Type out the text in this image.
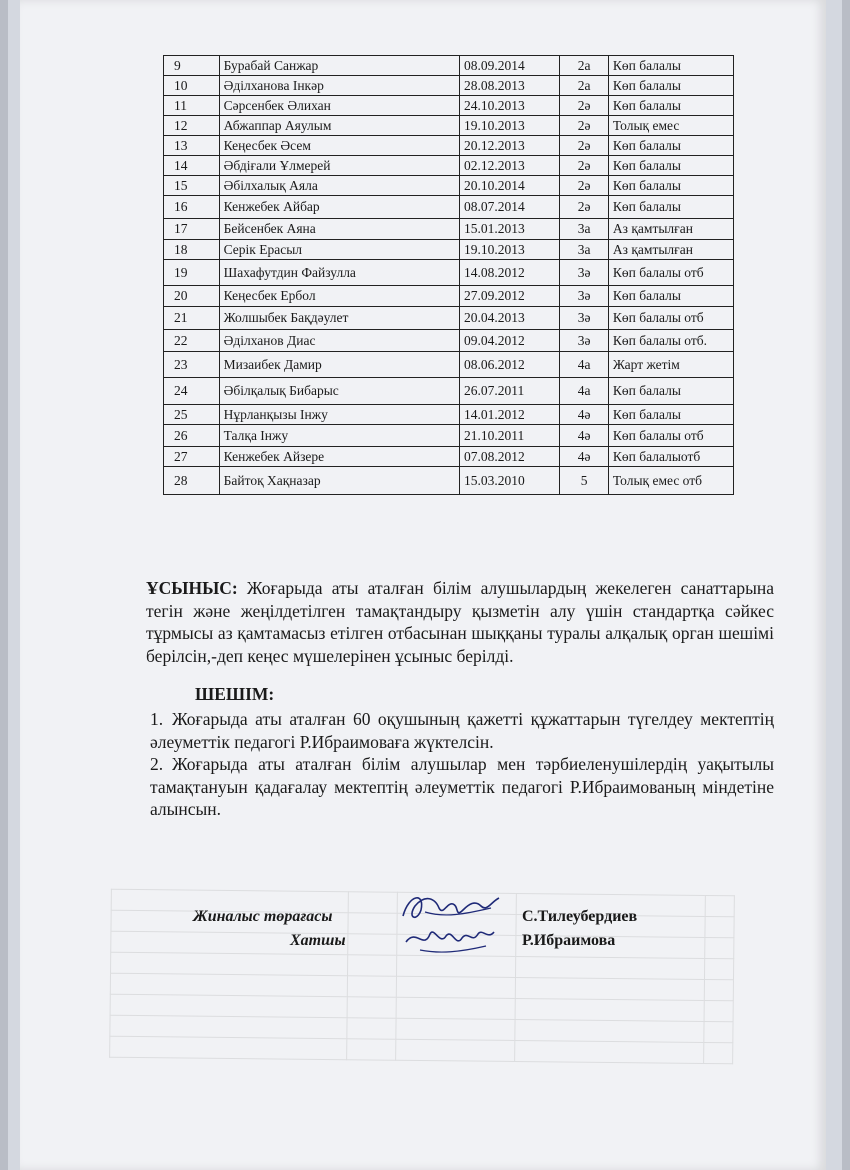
9	Бурабай Санжар	08.09.2014	2а	Көп балалы
10	Әділханова Інкәр	28.08.2013	2а	Көп балалы
11	Сәрсенбек Әлихан	24.10.2013	2ә	Көп балалы
12	Абжаппар Аяулым	19.10.2013	2ә	Толық емес
13	Кеңесбек Әсем	20.12.2013	2ә	Көп балалы
14	Әбдіғали Ұлмерей	02.12.2013	2ә	Көп балалы
15	Әбілхалық Аяла	20.10.2014	2ә	Көп балалы
16	Кенжебек Айбар	08.07.2014	2ә	Көп балалы
17	Бейсенбек Аяна	15.01.2013	3а	Аз қамтылған
18	Серік Ерасыл	19.10.2013	3а	Аз қамтылған
19	Шахафутдин Файзулла	14.08.2012	3ә	Көп балалы отб
20	Кеңесбек Ербол	27.09.2012	3ә	Көп балалы
21	Жолшыбек Бақдәулет	20.04.2013	3ә	Көп балалы отб
22	Әділханов Диас	09.04.2012	3ә	Көп балалы отб.
23	Мизаибек Дамир	08.06.2012	4а	Жарт жетім
24	Әбілқалық Бибарыс	26.07.2011	4а	Көп балалы
25	Нұрланқызы Інжу	14.01.2012	4ә	Көп балалы
26	Талқа Інжу	21.10.2011	4ә	Көп балалы отб
27	Кенжебек Айзере	07.08.2012	4ә	Көп балалыотб
28	Байтоқ Хақназар	15.03.2010	5	Толық емес отб
ҰСЫНЫС: Жоғарыда аты аталған білім алушылардың жекелеген санаттарына тегін және жеңілдетілген тамақтандыру қызметін алу үшін стандартқа сәйкес тұрмысы аз қамтамасыз етілген отбасынан шыққаны туралы алқалық орган шешімі берілсін,-деп кеңес мүшелерінен ұсыныс берілді.
ШЕШІМ:
1. Жоғарыда аты аталған 60 оқушының қажетті құжаттарын түгелдеу мектептің әлеуметтік педагогі Р.Ибраимоваға жүктелсін.
2. Жоғарыда аты аталған білім алушылар мен тәрбиеленушілердің уақытылы тамақтануын қадағалау мектептің әлеуметтік педагогі Р.Ибраимованың міндетіне алынсын.
Жиналыс төрағасы
Хатшы
С.Тилеубердиев
Р.Ибраимова
